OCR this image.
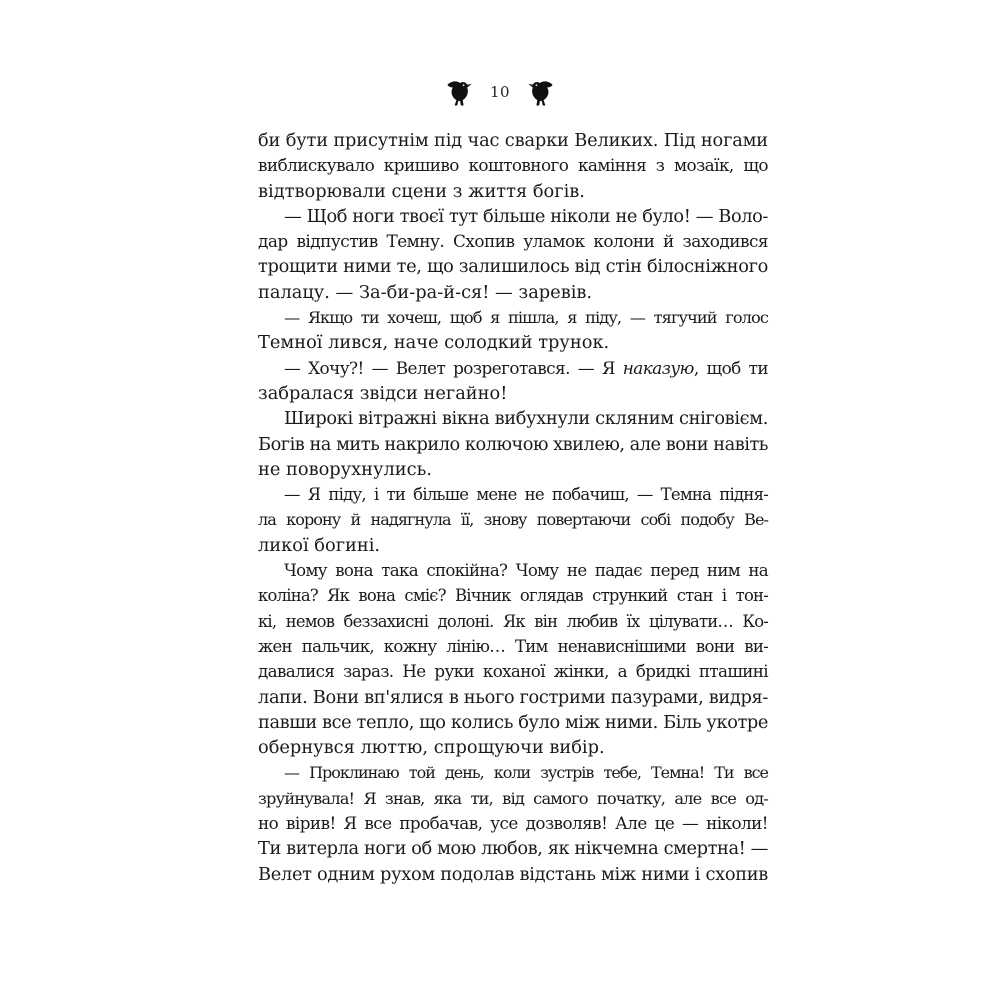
10
би бути присутнім під час сварки Великих. Під ногами
виблискувало кришиво коштовного каміння з мозаїк, що
відтворювали сцени з життя богів.
— Щоб ноги твоєї тут більше ніколи не було! — Воло-
дар відпустив Темну. Схопив уламок колони й заходився
трощити ними те, що залишилось від стін білосніжного
палацу. — За-би-ра-й-ся! — заревів.
— Якщо ти хочеш, щоб я пішла, я піду, — тягучий голос
Темної лився, наче солодкий трунок.
— Хочу?! — Велет розреготався. — Я наказую, щоб ти
забралася звідси негайно!
Широкі вітражні вікна вибухнули скляним сніговієм.
Богів на мить накрило колючою хвилею, але вони навіть
не поворухнулись.
— Я піду, і ти більше мене не побачиш, — Темна підня-
ла корону й надягнула її, знову повертаючи собі подобу Ве-
ликої богині.
Чому вона така спокійна? Чому не падає перед ним на
коліна? Як вона сміє? Вічник оглядав стрункий стан і тон-
кі, немов беззахисні долоні. Як він любив їх цілувати… Ко-
жен пальчик, кожну лінію… Тим ненависнішими вони ви-
давалися зараз. Не руки коханої жінки, а бридкі пташині
лапи. Вони вп'ялися в нього гострими пазурами, видря-
павши все тепло, що колись було між ними. Біль укотре
обернувся люттю, спрощуючи вибір.
— Проклинаю той день, коли зустрів тебе, Темна! Ти все
зруйнувала! Я знав, яка ти, від самого початку, але все од-
но вірив! Я все пробачав, усе дозволяв! Але це — ніколи!
Ти витерла ноги об мою любов, як нікчемна смертна! —
Велет одним рухом подолав відстань між ними і схопив
